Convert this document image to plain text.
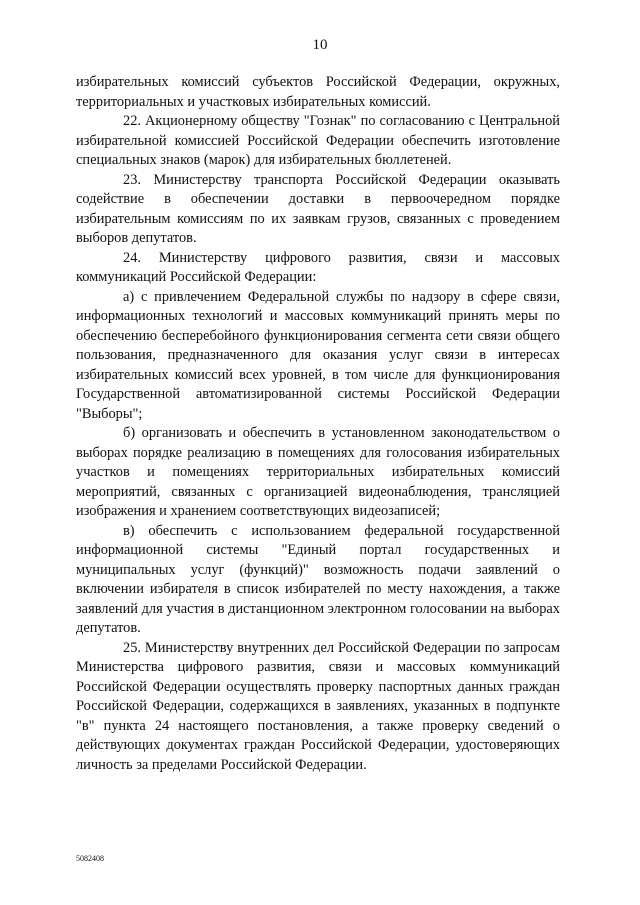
10

избирательных комиссий субъектов Российской Федерации, окружных, территориальных и участковых избирательных комиссий.

22. Акционерному обществу "Гознак" по согласованию с Центральной избирательной комиссией Российской Федерации обеспечить изготовление специальных знаков (марок) для избирательных бюллетеней.

23. Министерству транспорта Российской Федерации оказывать содействие в обеспечении доставки в первоочередном порядке избирательным комиссиям по их заявкам грузов, связанных с проведением выборов депутатов.

24. Министерству цифрового развития, связи и массовых коммуникаций Российской Федерации:

а) с привлечением Федеральной службы по надзору в сфере связи, информационных технологий и массовых коммуникаций принять меры по обеспечению бесперебойного функционирования сегмента сети связи общего пользования, предназначенного для оказания услуг связи в интересах избирательных комиссий всех уровней, в том числе для функционирования Государственной автоматизированной системы Российской Федерации "Выборы";

б) организовать и обеспечить в установленном законодательством о выборах порядке реализацию в помещениях для голосования избирательных участков и помещениях территориальных избирательных комиссий мероприятий, связанных с организацией видеонаблюдения, трансляцией изображения и хранением соответствующих видеозаписей;

в) обеспечить с использованием федеральной государственной информационной системы "Единый портал государственных и муниципальных услуг (функций)" возможность подачи заявлений о включении избирателя в список избирателей по месту нахождения, а также заявлений для участия в дистанционном электронном голосовании на выборах депутатов.

25. Министерству внутренних дел Российской Федерации по запросам Министерства цифрового развития, связи и массовых коммуникаций Российской Федерации осуществлять проверку паспортных данных граждан Российской Федерации, содержащихся в заявлениях, указанных в подпункте "в" пункта 24 настоящего постановления, а также проверку сведений о действующих документах граждан Российской Федерации, удостоверяющих личность за пределами Российской Федерации.

5082408
